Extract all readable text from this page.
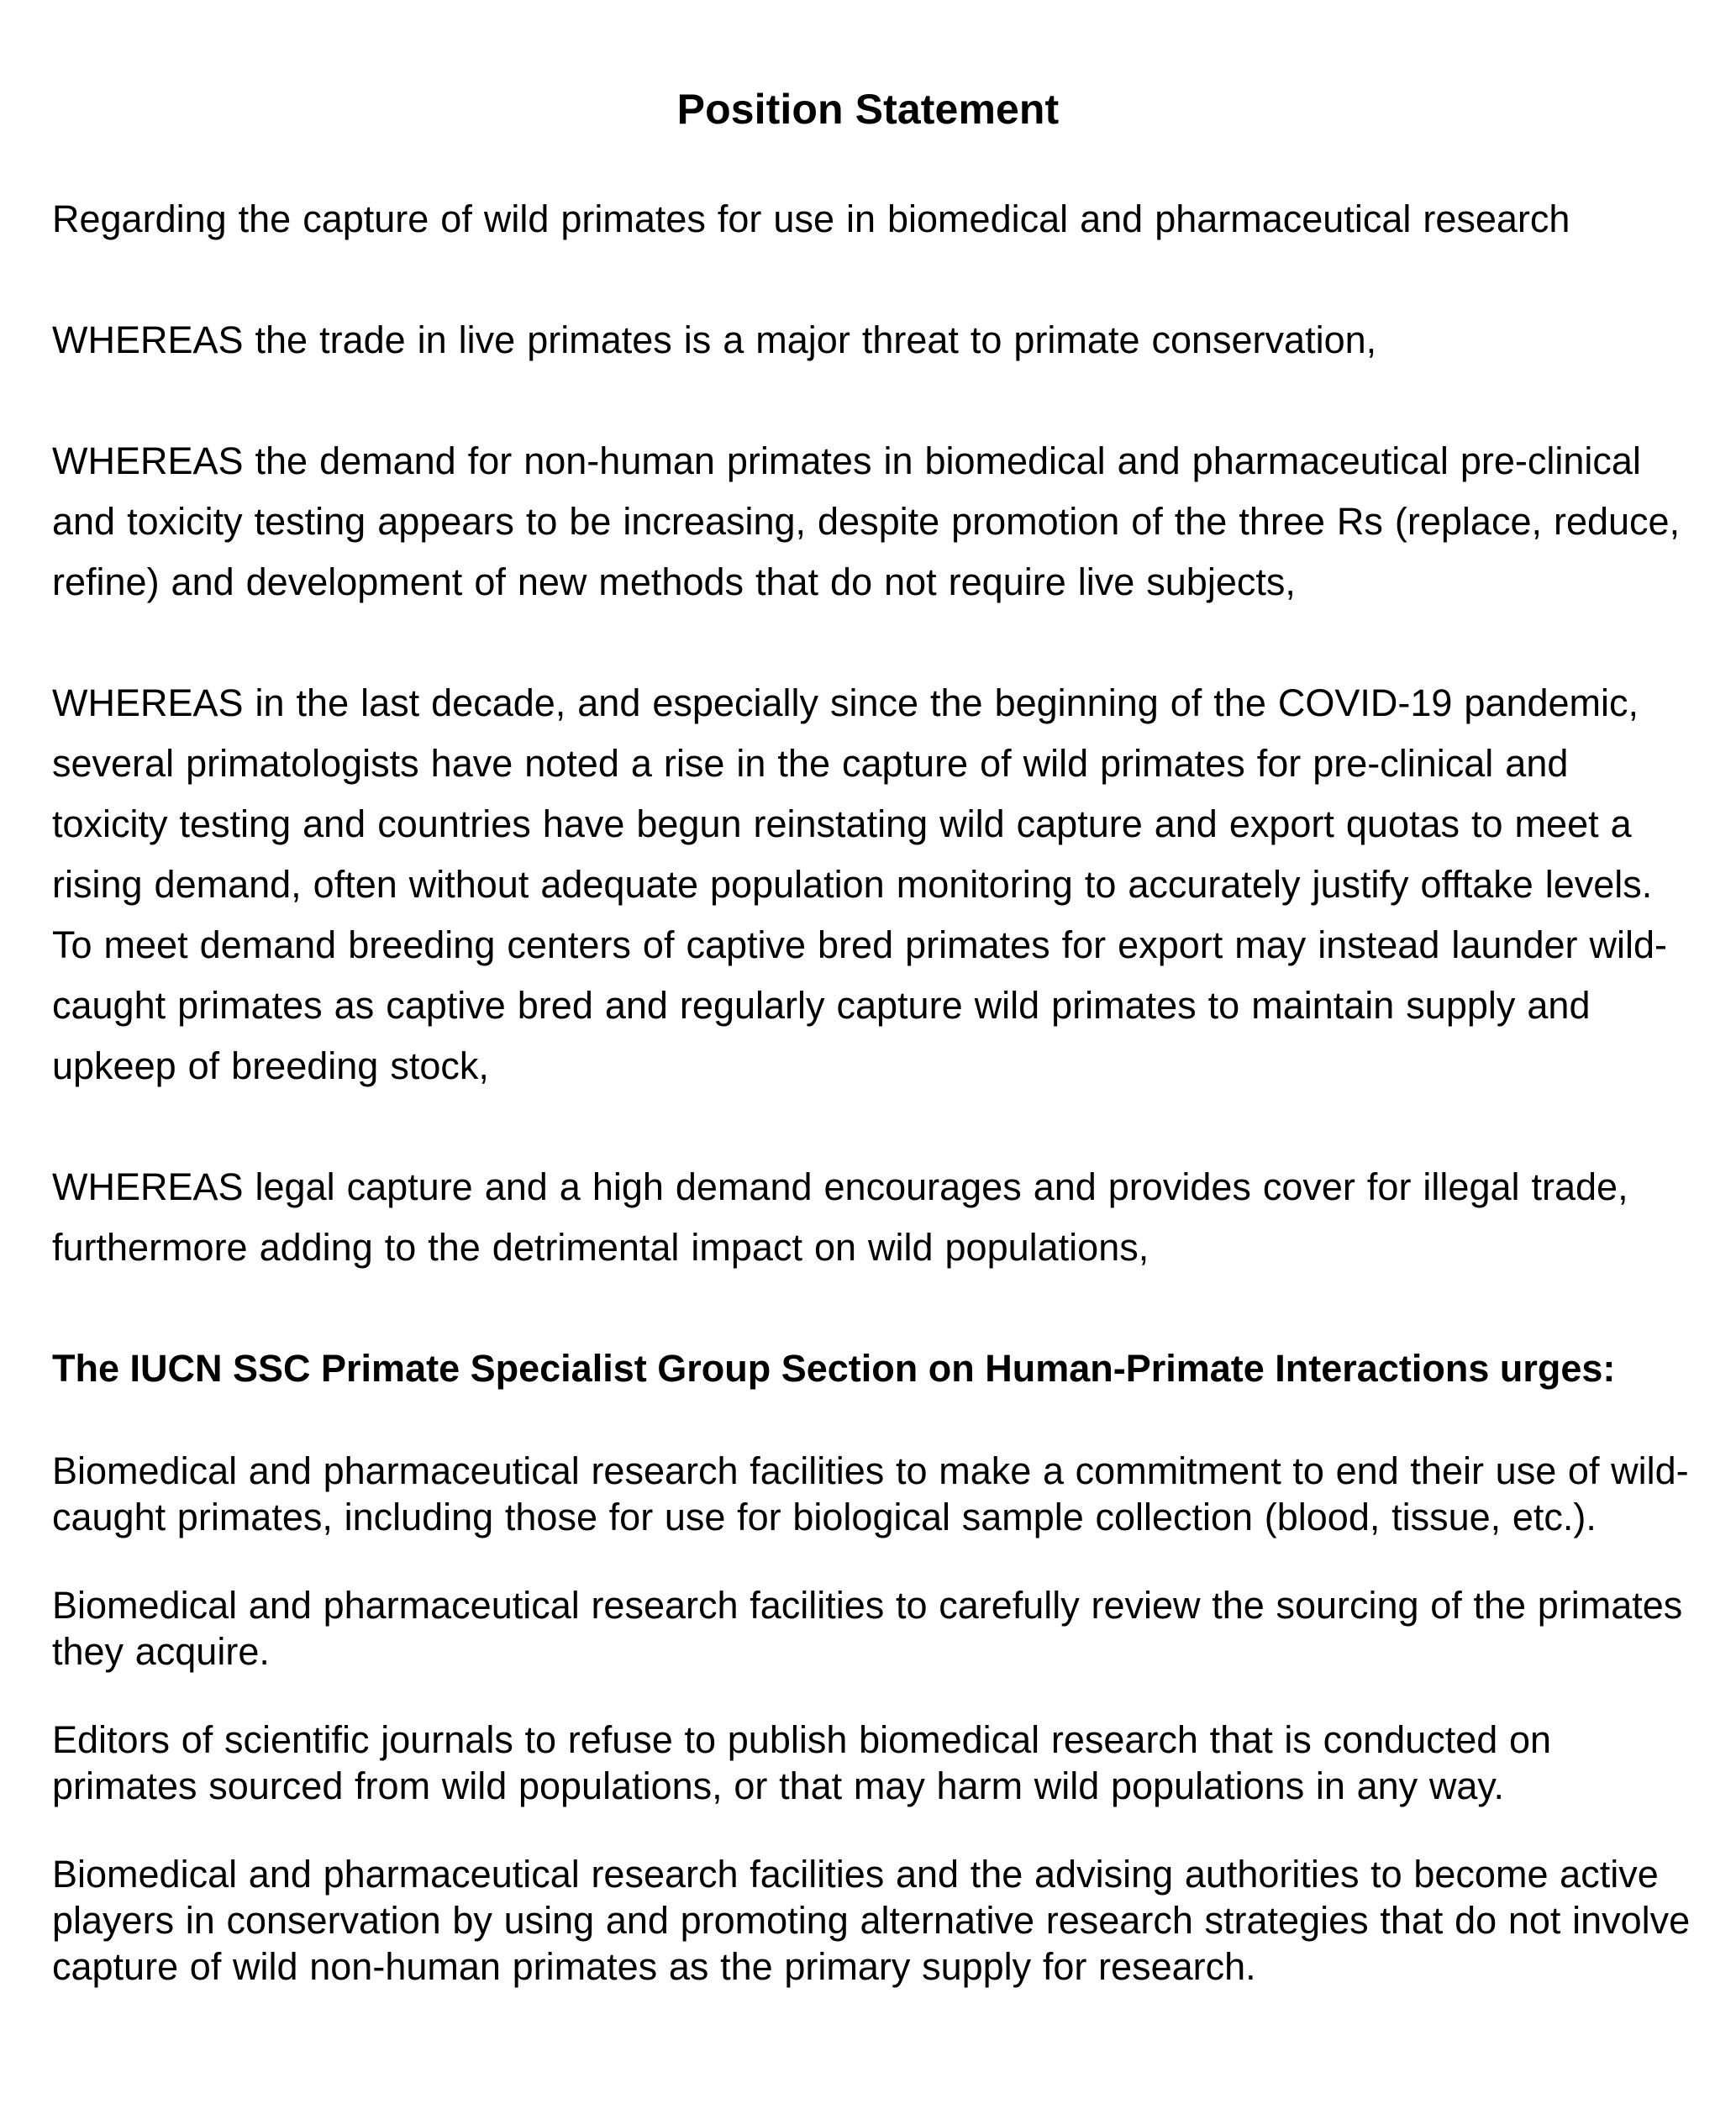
Position Statement

Regarding the capture of wild primates for use in biomedical and pharmaceutical research

WHEREAS the trade in live primates is a major threat to primate conservation,

WHEREAS the demand for non-human primates in biomedical and pharmaceutical pre-clinical and toxicity testing appears to be increasing, despite promotion of the three Rs (replace, reduce, refine) and development of new methods that do not require live subjects,

WHEREAS in the last decade, and especially since the beginning of the COVID-19 pandemic, several primatologists have noted a rise in the capture of wild primates for pre-clinical and toxicity testing and countries have begun reinstating wild capture and export quotas to meet a rising demand, often without adequate population monitoring to accurately justify offtake levels. To meet demand breeding centers of captive bred primates for export may instead launder wild-caught primates as captive bred and regularly capture wild primates to maintain supply and upkeep of breeding stock,

WHEREAS legal capture and a high demand encourages and provides cover for illegal trade, furthermore adding to the detrimental impact on wild populations,

The IUCN SSC Primate Specialist Group Section on Human-Primate Interactions urges:

Biomedical and pharmaceutical research facilities to make a commitment to end their use of wild-caught primates, including those for use for biological sample collection (blood, tissue, etc.).

Biomedical and pharmaceutical research facilities to carefully review the sourcing of the primates they acquire.

Editors of scientific journals to refuse to publish biomedical research that is conducted on primates sourced from wild populations, or that may harm wild populations in any way.

Biomedical and pharmaceutical research facilities and the advising authorities to become active players in conservation by using and promoting alternative research strategies that do not involve capture of wild non-human primates as the primary supply for research.
